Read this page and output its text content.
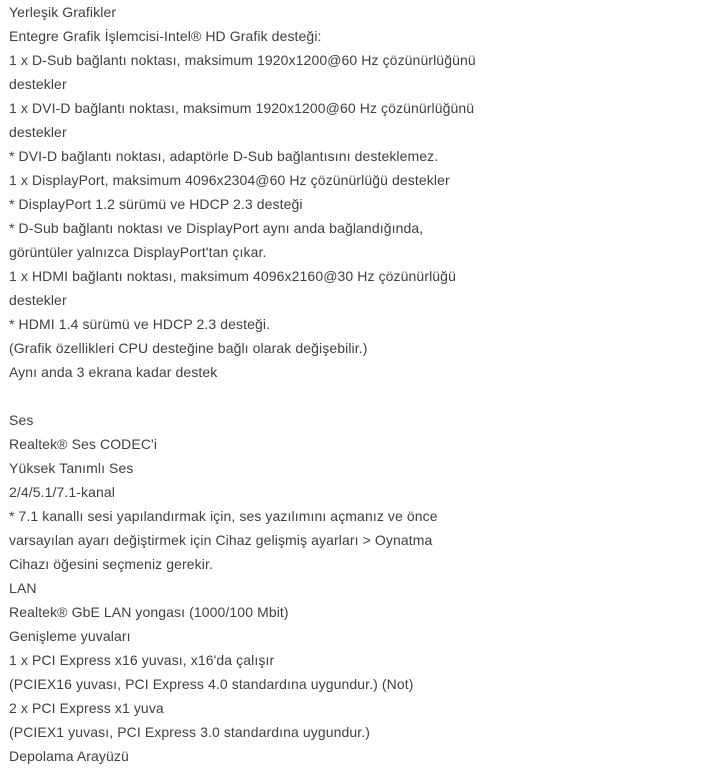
Yerleşik Grafikler
Entegre Grafik İşlemcisi-Intel® HD Grafik desteği:
1 x D-Sub bağlantı noktası, maksimum 1920x1200@60 Hz çözünürlüğünü
destekler
1 x DVI-D bağlantı noktası, maksimum 1920x1200@60 Hz çözünürlüğünü
destekler
* DVI-D bağlantı noktası, adaptörle D-Sub bağlantısını desteklemez.
1 x DisplayPort, maksimum 4096x2304@60 Hz çözünürlüğü destekler
* DisplayPort 1.2 sürümü ve HDCP 2.3 desteği
* D-Sub bağlantı noktası ve DisplayPort aynı anda bağlandığında,
görüntüler yalnızca DisplayPort'tan çıkar.
1 x HDMI bağlantı noktası, maksimum 4096x2160@30 Hz çözünürlüğü
destekler
* HDMI 1.4 sürümü ve HDCP 2.3 desteği.
(Grafik özellikleri CPU desteğine bağlı olarak değişebilir.)
Aynı anda 3 ekrana kadar destek
Ses
Realtek® Ses CODEC'i
Yüksek Tanımlı Ses
2/4/5.1/7.1-kanal
* 7.1 kanallı sesi yapılandırmak için, ses yazılımını açmanız ve önce
varsayılan ayarı değiştirmek için Cihaz gelişmiş ayarları > Oynatma
Cihazı öğesini seçmeniz gerekir.
LAN
Realtek® GbE LAN yongası (1000/100 Mbit)
Genişleme yuvaları
1 x PCI Express x16 yuvası, x16'da çalışır
(PCIEX16 yuvası, PCI Express 4.0 standardına uygundur.) (Not)
2 x PCI Express x1 yuva
(PCIEX1 yuvası, PCI Express 3.0 standardına uygundur.)
Depolama Arayüzü
